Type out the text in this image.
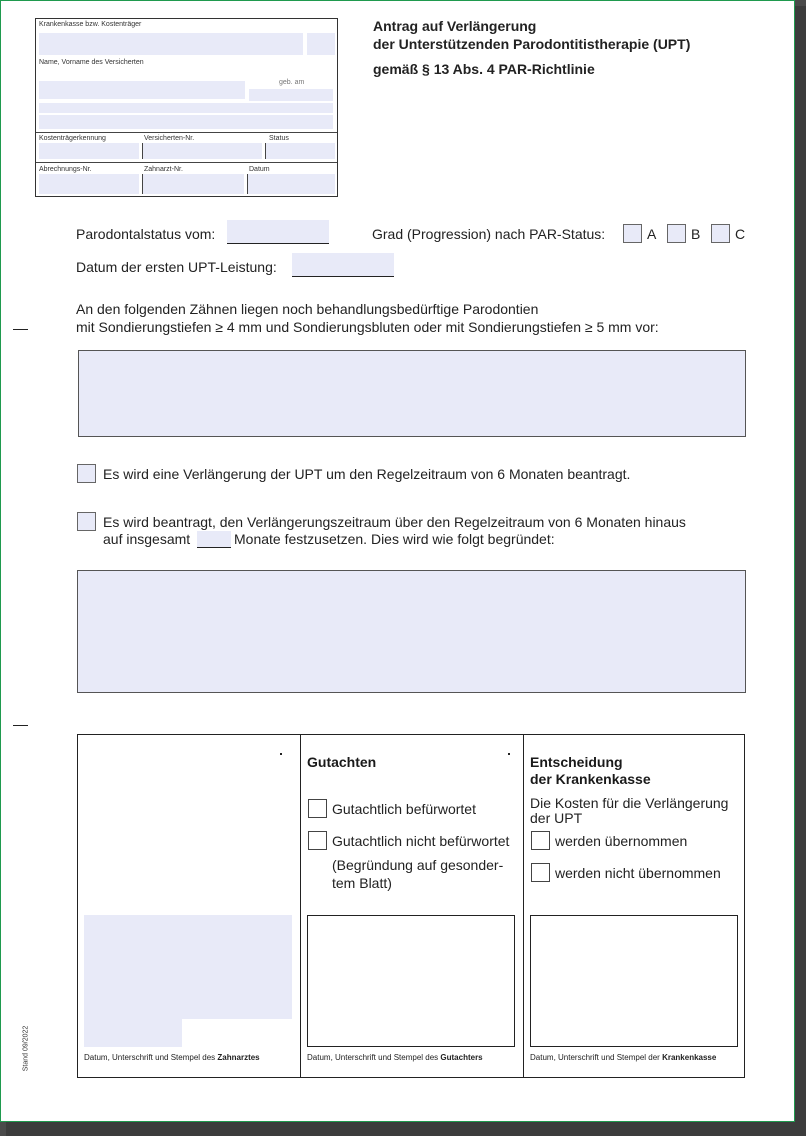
Krankenkasse bzw. Kostenträger
Name, Vorname des Versicherten
geb. am
Kostenträgerkennung	Versicherten-Nr.	Status
Abrechnungs-Nr.	Zahnarzt-Nr.	Datum
Antrag auf Verlängerung
der Unterstützenden Parodontitistherapie (UPT)
gemäß § 13 Abs. 4 PAR-Richtlinie
Parodontalstatus vom:	Grad (Progression) nach PAR-Status:	A B C
Datum der ersten UPT-Leistung:
An den folgenden Zähnen liegen noch behandlungsbedürftige Parodontien
mit Sondierungstiefen ≥ 4 mm und Sondierungsbluten oder mit Sondierungstiefen ≥ 5 mm vor:
Es wird eine Verlängerung der UPT um den Regelzeitraum von 6 Monaten beantragt.
Es wird beantragt, den Verlängerungszeitraum über den Regelzeitraum von 6 Monaten hinaus
auf insgesamt	Monate festzusetzen. Dies wird wie folgt begründet:
Datum, Unterschrift und Stempel des Zahnarztes
Gutachten
Gutachtlich befürwortet
Gutachtlich nicht befürwortet
(Begründung auf gesonder-
tem Blatt)
Datum, Unterschrift und Stempel des Gutachters
Entscheidung
der Krankenkasse
Die Kosten für die Verlängerung
der UPT
werden übernommen
werden nicht übernommen
Datum, Unterschrift und Stempel der Krankenkasse
Stand 09/2022
